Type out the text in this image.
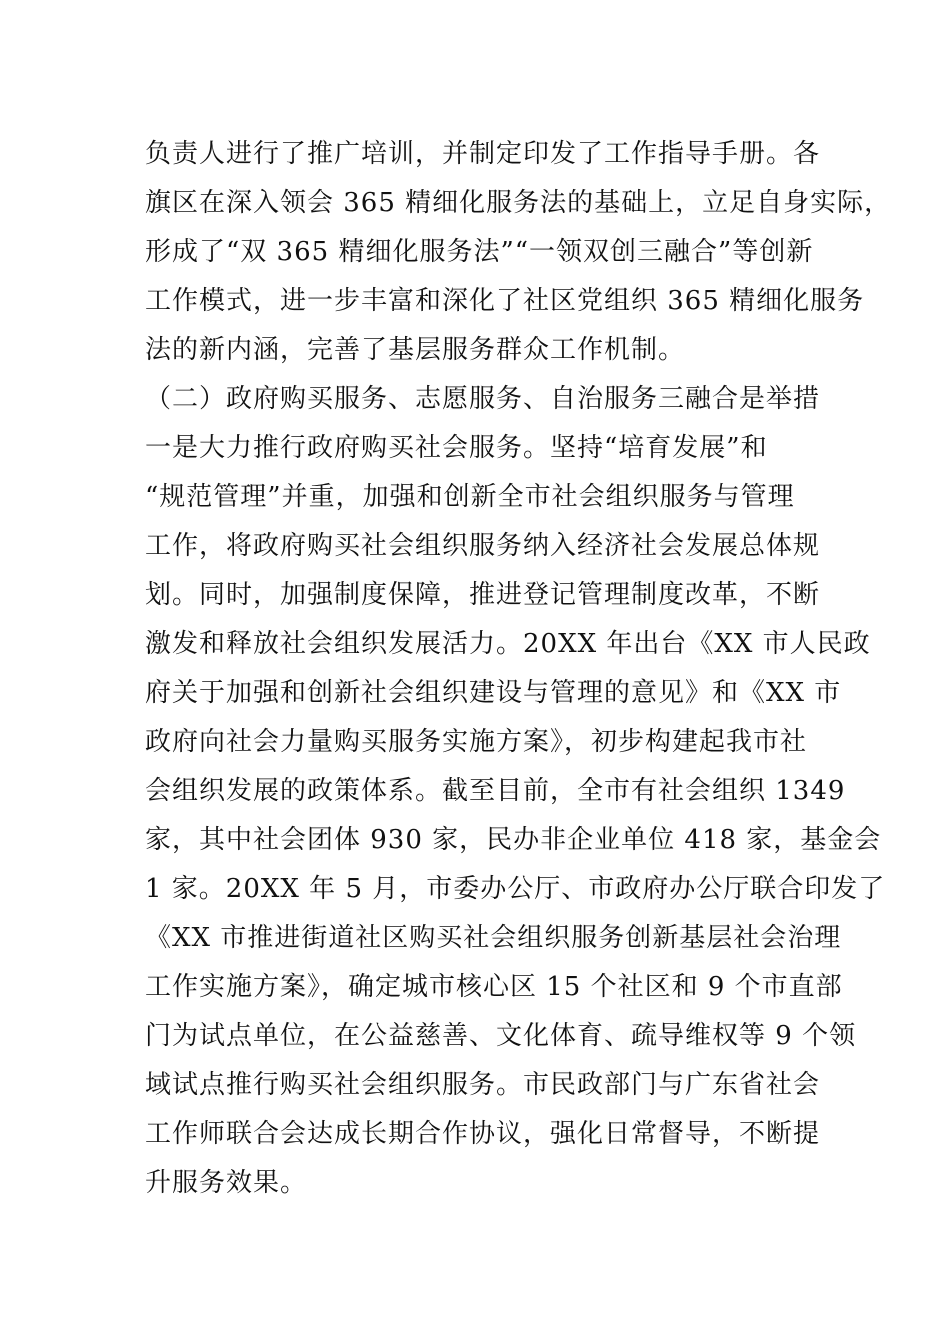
负责人进行了推广培训，并制定印发了工作指导手册。各
旗区在深入领会 365 精细化服务法的基础上，立足自身实际，
形成了“双 365 精细化服务法”“一领双创三融合”等创新
工作模式，进一步丰富和深化了社区党组织 365 精细化服务
法的新内涵，完善了基层服务群众工作机制。
（二）政府购买服务、志愿服务、自治服务三融合是举措
一是大力推行政府购买社会服务。坚持“培育发展”和
“规范管理”并重，加强和创新全市社会组织服务与管理
工作，将政府购买社会组织服务纳入经济社会发展总体规
划。同时，加强制度保障，推进登记管理制度改革，不断
激发和释放社会组织发展活力。20XX 年出台《XX 市人民政
府关于加强和创新社会组织建设与管理的意见》和《XX 市
政府向社会力量购买服务实施方案》，初步构建起我市社
会组织发展的政策体系。截至目前，全市有社会组织 1349
家，其中社会团体 930 家，民办非企业单位 418 家，基金会
1 家。20XX 年 5 月，市委办公厅、市政府办公厅联合印发了
《XX 市推进街道社区购买社会组织服务创新基层社会治理
工作实施方案》，确定城市核心区 15 个社区和 9 个市直部
门为试点单位，在公益慈善、文化体育、疏导维权等 9 个领
域试点推行购买社会组织服务。市民政部门与广东省社会
工作师联合会达成长期合作协议，强化日常督导，不断提
升服务效果。
